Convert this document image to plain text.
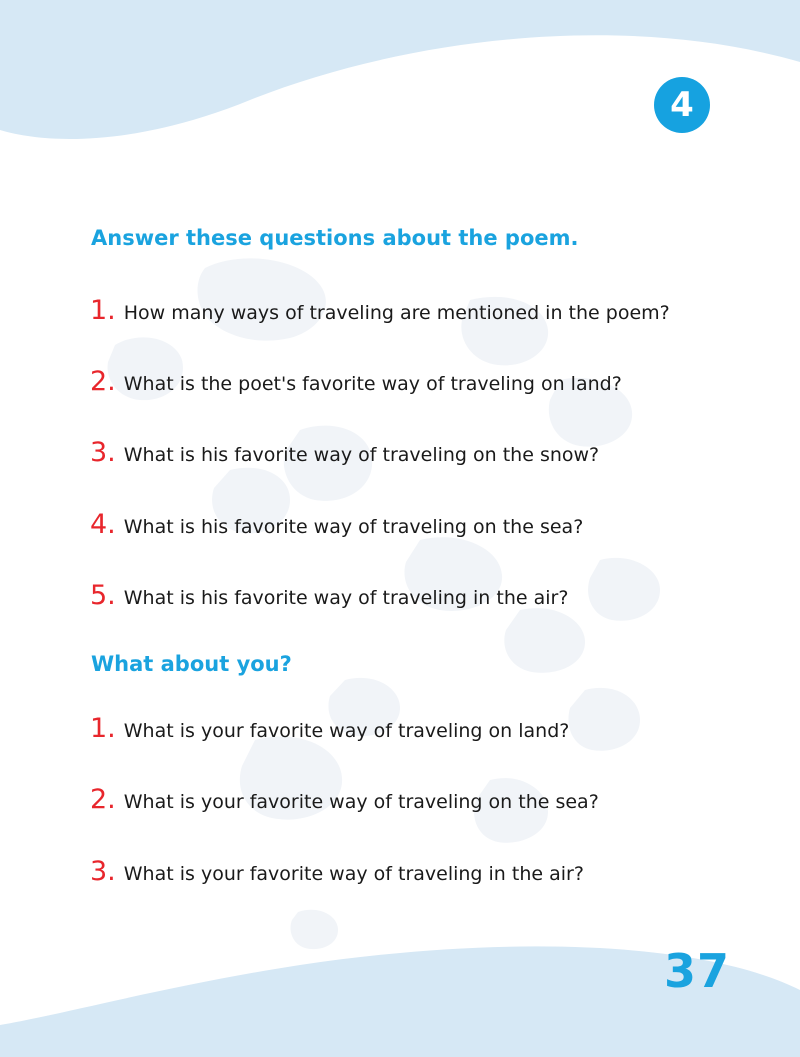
4
Answer these questions about the poem.
1. How many ways of traveling are mentioned in the poem?
2. What is the poet's favorite way of traveling on land?
3. What is his favorite way of traveling on the snow?
4. What is his favorite way of traveling on the sea?
5. What is his favorite way of traveling in the air?
What about you?
1. What is your favorite way of traveling on land?
2. What is your favorite way of traveling on the sea?
3. What is your favorite way of traveling in the air?
37
